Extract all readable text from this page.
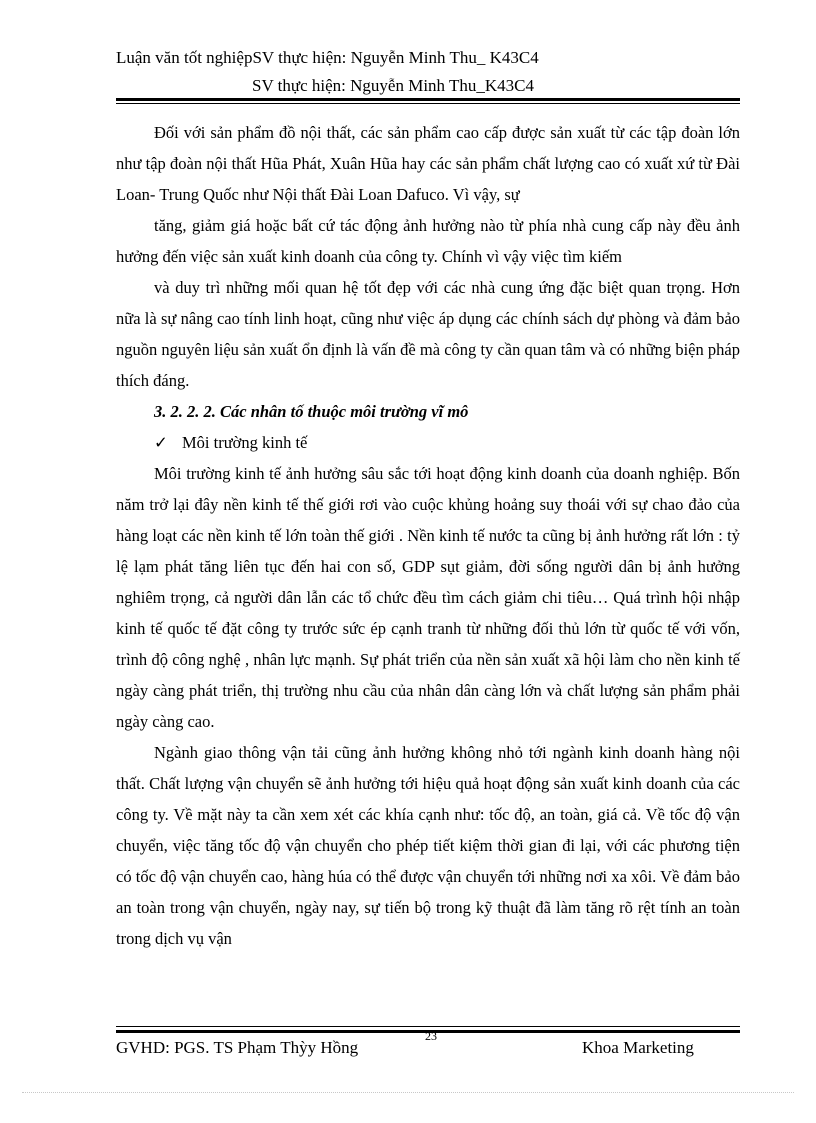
Luận văn tốt nghiệpSV thực hiện: Nguyễn Minh Thu_ K43C4
SV thực hiện: Nguyễn Minh Thu_K43C4

Đối với sản phẩm đồ nội thất, các sản phẩm cao cấp được sản xuất từ các tập đoàn lớn như tập đoàn nội thất Hũa Phát, Xuân Hũa hay các sản phẩm chất lượng cao có xuất xứ từ Đài Loan- Trung Quốc như Nội thất Đài Loan Dafuco. Vì vậy, sự

tăng, giảm giá hoặc bất cứ tác động ảnh hưởng nào từ phía nhà cung cấp này đều ảnh hưởng đến việc sản xuất kinh doanh của công ty. Chính vì vậy việc tìm kiếm

và duy trì những mối quan hệ tốt đẹp với các nhà cung ứng đặc biệt quan trọng. Hơn nữa là sự nâng cao tính linh hoạt, cũng như việc áp dụng các chính sách dự phòng và đảm bảo nguồn nguyên liệu sản xuất ổn định là vấn đề mà công ty cần quan tâm và có những biện pháp thích đáng.

3. 2. 2. 2. Các nhân tố thuộc môi trường vĩ mô

✓ Môi trường kinh tế

Môi trường kinh tế ảnh hưởng sâu sắc tới hoạt động kinh doanh của doanh nghiệp. Bốn năm trở lại đây nền kinh tế thế giới rơi vào cuộc khủng hoảng suy thoái với sự chao đảo của hàng loạt các nền kinh tế lớn toàn thế giới . Nền kinh tế nước ta cũng bị ảnh hưởng rất lớn : tỷ lệ lạm phát tăng liên tục đến hai con số, GDP sụt giảm, đời sống người dân bị ảnh hưởng nghiêm trọng, cả người dân lẫn các tổ chức đều tìm cách giảm chi tiêu… Quá trình hội nhập kinh tế quốc tế đặt công ty trước sức ép cạnh tranh từ những đối thủ lớn từ quốc tế với vốn, trình độ công nghệ , nhân lực mạnh. Sự phát triển của nền sản xuất xã hội làm cho nền kinh tế ngày càng phát triển, thị trường nhu cầu của nhân dân càng lớn và chất lượng sản phẩm phải ngày càng cao.

Ngành giao thông vận tải cũng ảnh hưởng không nhỏ tới ngành kinh doanh hàng nội thất. Chất lượng vận chuyển sẽ ảnh hưởng tới hiệu quả hoạt động sản xuất kinh doanh của các công ty. Về mặt này ta cần xem xét các khía cạnh như: tốc độ, an toàn, giá cả. Về tốc độ vận chuyển, việc tăng tốc độ vận chuyển cho phép tiết kiệm thời gian đi lại, với các phương tiện có tốc độ vận chuyển cao, hàng húa có thể được vận chuyển tới những nơi xa xôi. Về đảm bảo an toàn trong vận chuyển, ngày nay, sự tiến bộ trong kỹ thuật đã làm tăng rõ rệt tính an toàn trong dịch vụ vận

23
GVHD: PGS. TS Phạm Thỳy Hồng	Khoa Marketing
